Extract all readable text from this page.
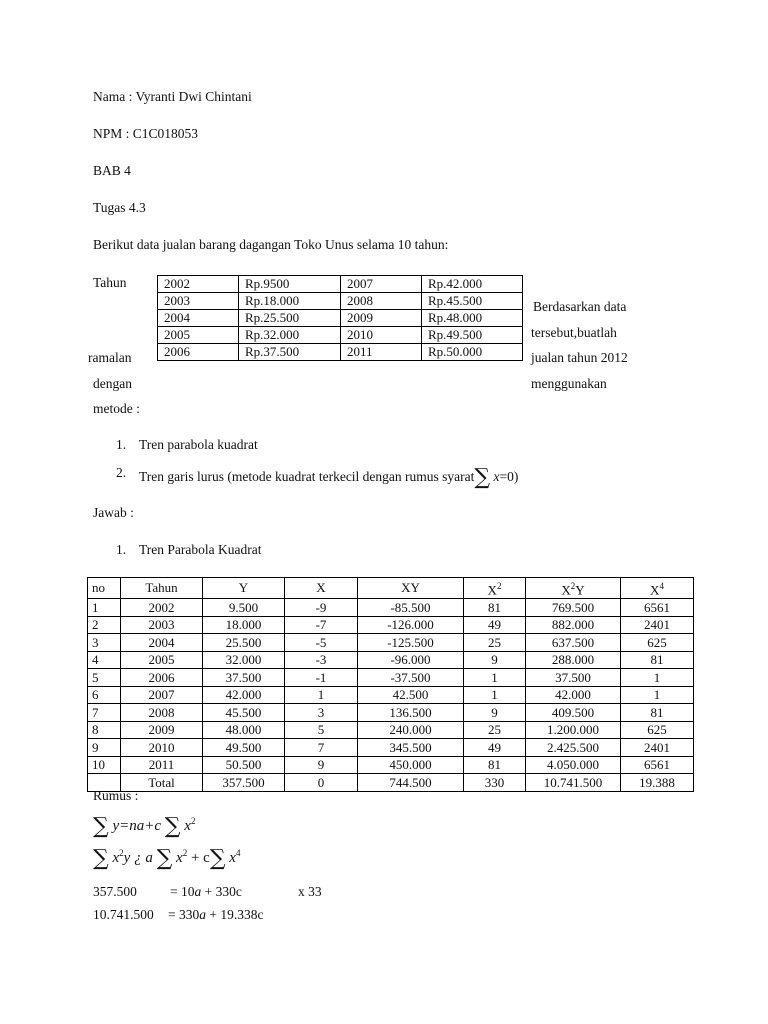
Nama : Vyranti Dwi Chintani
NPM : C1C018053
BAB 4
Tugas 4.3
Berikut data jualan barang dagangan Toko Unus selama 10 tahun:
Tahun
ramalan
dengan
metode :
Berdasarkan data
tersebut,buatlah
jualan tahun 2012
menggunakan
2002	Rp.9500	2007	Rp.42.000
2003	Rp.18.000	2008	Rp.45.500
2004	Rp.25.500	2009	Rp.48.000
2005	Rp.32.000	2010	Rp.49.500
2006	Rp.37.500	2011	Rp.50.000
1. Tren parabola kuadrat
2. Tren garis lurus (metode kuadrat terkecil dengan rumus syarat∑ x=0)
Jawab :
1. Tren Parabola Kuadrat
no	Tahun	Y	X	XY	$X^2$	$X^2Y$	$X^4$
1	2002	9.500	-9	-85.500	81	769.500	6561
2	2003	18.000	-7	-126.000	49	882.000	2401
3	2004	25.500	-5	-125.500	25	637.500	625
4	2005	32.000	-3	-96.000	9	288.000	81
5	2006	37.500	-1	-37.500	1	37.500	1
6	2007	42.000	1	42.500	1	42.000	1
7	2008	45.500	3	136.500	9	409.500	81
8	2009	48.000	5	240.000	25	1.200.000	625
9	2010	49.500	7	345.500	49	2.425.500	2401
10	2011	50.500	9	450.000	81	4.050.000	6561
	Total	357.500	0	744.500	330	10.741.500	19.388
Rumus :
∑ y=na+c ∑ $x^2$
∑ $x^2y$ ¿ a ∑ $x^2 + c\sum$ $x^4$
357.500 = 10a + 330c	x 33
10.741.500 = 330a + 19.338c
